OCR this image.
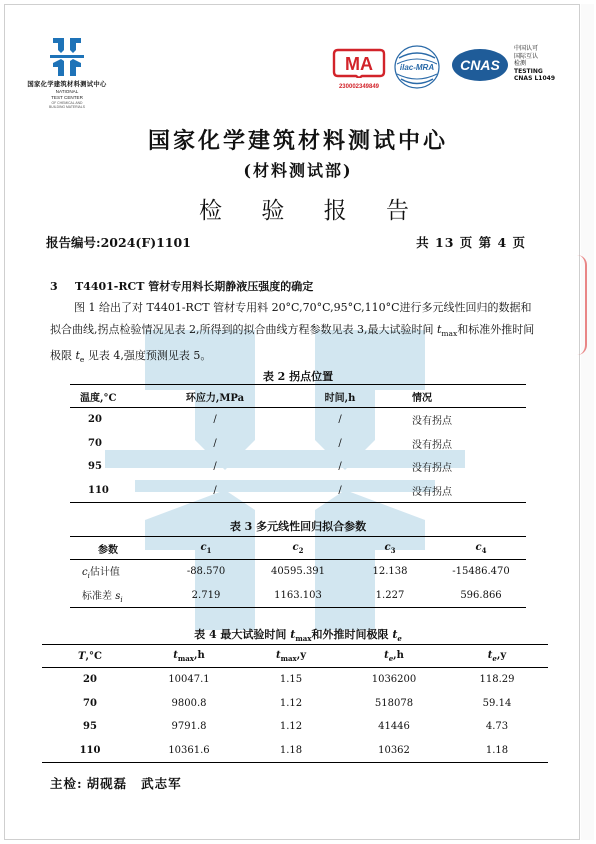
国家化学建筑材料测试中心
NATIONAL
TEST CENTER
OF CHEMICAL AND
BUILDING MATERIALS
MA
230002349849
ilac-MRA CNAS
中国认可
国际互认
检测
TESTING
CNAS L1049
国家化学建筑材料测试中心
(材料测试部)
检 验 报 告
报告编号:2024(F)1101	共 13 页 第 4 页
3 T4401-RCT 管材专用料长期静液压强度的确定
图 1 给出了对 T4401-RCT 管材专用料 20°C,70°C,95°C,110°C进行多元线性回归的数据和拟合曲线,拐点检验情况见表 2,所得到的拟合曲线方程参数见表 3,最大试验时间 $t_{max}$和标准外推时间极限 $t_e$ 见表 4,强度预测见表 5。
表 2 拐点位置
温度,°C	环应力,MPa	时间,h	情况
20	/	/	没有拐点
70	/	/	没有拐点
95	/	/	没有拐点
110	/	/	没有拐点
表 3 多元线性回归拟合参数
参数	$c_1$	$c_2$	$c_3$	$c_4$
$c_i$估计值	-88.570	40595.391	12.138	-15486.470
标准差 $s_i$	2.719	1163.103	1.227	596.866
表 4 最大试验时间 $t_{max}$和外推时间极限 $t_e$
T,°C	$t_{max},h$	$t_{max},y$	$t_e,h$	$t_e,y$
20	10047.1	1.15	1036200	118.29
70	9800.8	1.12	518078	59.14
95	9791.8	1.12	41446	4.73
110	10361.6	1.18	10362	1.18
主检: 胡砚磊 武志军
